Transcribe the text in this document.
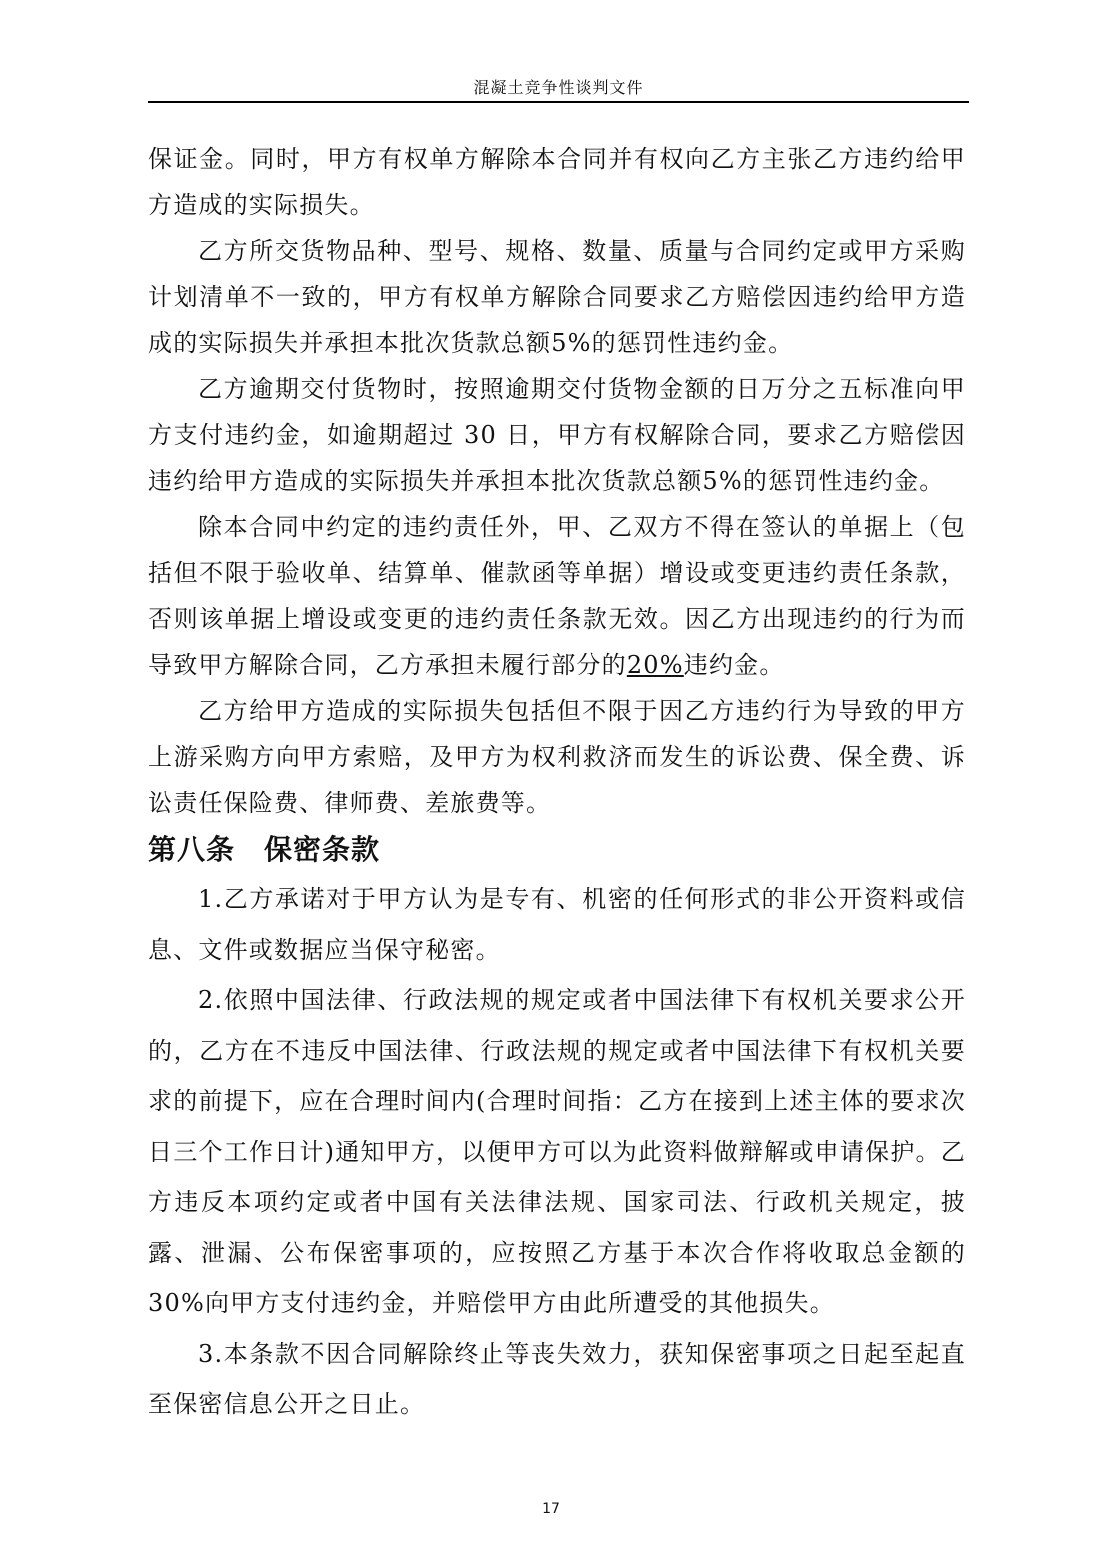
混凝土竞争性谈判文件

保证金。同时，甲方有权单方解除本合同并有权向乙方主张乙方违约给甲方造成的实际损失。

乙方所交货物品种、型号、规格、数量、质量与合同约定或甲方采购计划清单不一致的，甲方有权单方解除合同要求乙方赔偿因违约给甲方造成的实际损失并承担本批次货款总额5%的惩罚性违约金。

乙方逾期交付货物时，按照逾期交付货物金额的日万分之五标准向甲方支付违约金，如逾期超过 30 日，甲方有权解除合同，要求乙方赔偿因违约给甲方造成的实际损失并承担本批次货款总额5%的惩罚性违约金。

除本合同中约定的违约责任外，甲、乙双方不得在签认的单据上（包括但不限于验收单、结算单、催款函等单据）增设或变更违约责任条款，否则该单据上增设或变更的违约责任条款无效。因乙方出现违约的行为而导致甲方解除合同，乙方承担未履行部分的20%违约金。

乙方给甲方造成的实际损失包括但不限于因乙方违约行为导致的甲方上游采购方向甲方索赔，及甲方为权利救济而发生的诉讼费、保全费、诉讼责任保险费、律师费、差旅费等。

第八条　保密条款

1.乙方承诺对于甲方认为是专有、机密的任何形式的非公开资料或信息、文件或数据应当保守秘密。

2.依照中国法律、行政法规的规定或者中国法律下有权机关要求公开的，乙方在不违反中国法律、行政法规的规定或者中国法律下有权机关要求的前提下，应在合理时间内(合理时间指：乙方在接到上述主体的要求次日三个工作日计)通知甲方，以便甲方可以为此资料做辩解或申请保护。乙方违反本项约定或者中国有关法律法规、国家司法、行政机关规定，披露、泄漏、公布保密事项的，应按照乙方基于本次合作将收取总金额的30%向甲方支付违约金，并赔偿甲方由此所遭受的其他损失。

3.本条款不因合同解除终止等丧失效力，获知保密事项之日起至起直至保密信息公开之日止。

17
